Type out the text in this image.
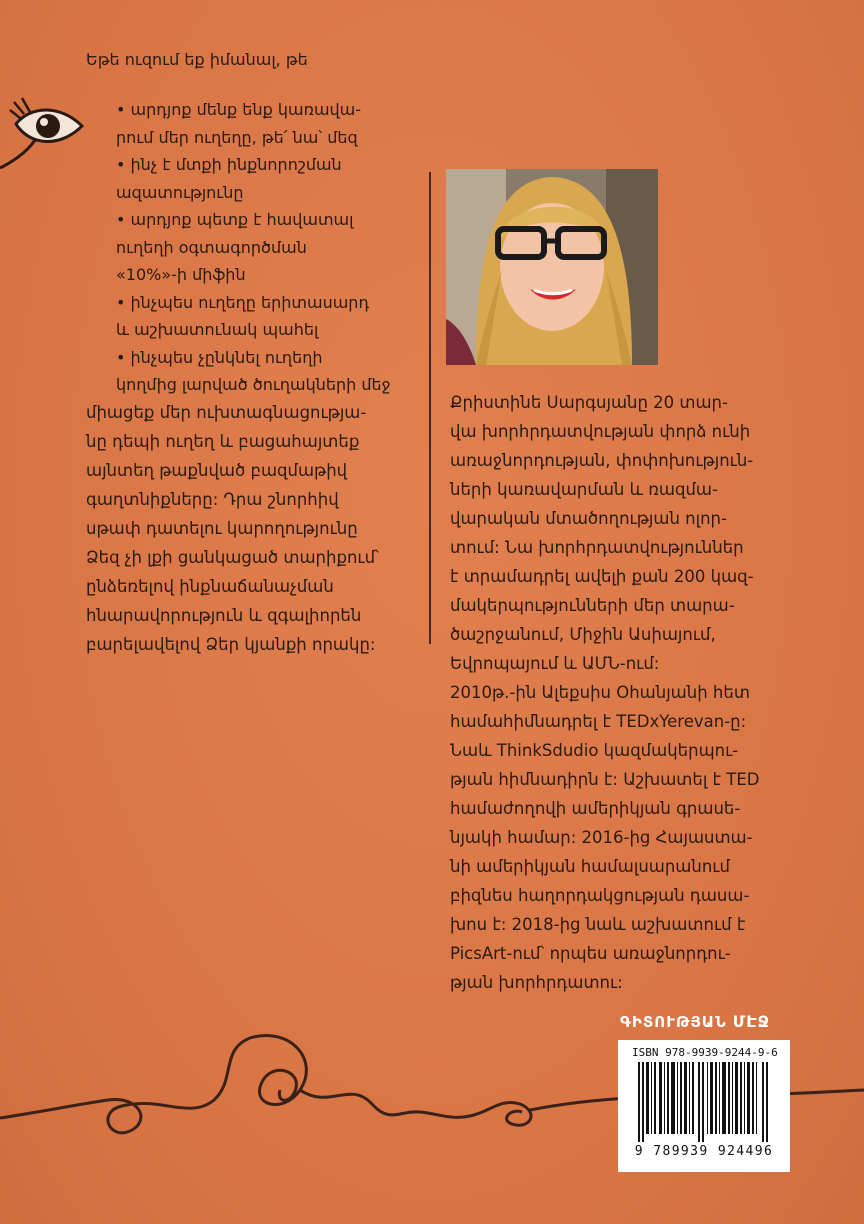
Եթե ուզում եք իմանալ, թե
• արդյոք մենք ենք կառավա-
րում մեր ուղեղը, թե՛ նա՝ մեզ
• ինչ է մտքի ինքնորոշման
ազատությունը
• արդյոք պետք է հավատալ
ուղեղի օգտագործման
«10%»-ի միֆին
• ինչպես ուղեղը երիտասարդ
և աշխատունակ պահել
• ինչպես չընկնել ուղեղի
կողմից լարված ծուղակների մեջ

միացեք մեր ուխտագնացությա-

նը դեպի ուղեղ և բացահայտեք

այնտեղ թաքնված բազմաթիվ

գաղտնիքները: Դրա շնորհիվ

սթափ դատելու կարողությունը

Ձեզ չի լքի ցանկացած տարիքում՝

ընձեռելով ինքնաճանաչման

հնարավորություն և զգալիորեն

բարելավելով Ձեր կյանքի որակը:

Քրիստինե Սարգսյանը 20 տար-

վա խորհրդատվության փորձ ունի

առաջնորդության, փոփոխություն-

ների կառավարման և ռազմա-

վարական մտածողության ոլոր-

տում: Նա խորհրդատվություններ

է տրամադրել ավելի քան 200 կազ-

մակերպությունների մեր տարա-

ծաշրջանում, Միջին Ասիայում,

Եվրոպայում և ԱՄՆ-ում:

2010թ.-ին Ալեքսիս Օհանյանի հետ

համահիմնադրել է TEDxYerevan-ը:

Նաև ThinkSdudio կազմակերպու-

թյան հիմնադիրն է: Աշխատել է TED

համաժողովի ամերիկյան գրասե-

նյակի համար: 2016-ից Հայաստա-

նի ամերիկյան համալսարանում

բիզնես հաղորդակցության դասա-

խոս է: 2018-ից նաև աշխատում է

PicsArt-ում՝ որպես առաջնորդու-

թյան խորհրդատու:

ԳԻՏՈՒԹՅԱՆ ՄԷՋ
ISBN 978-9939-9244-9-6
9 789939 924496
